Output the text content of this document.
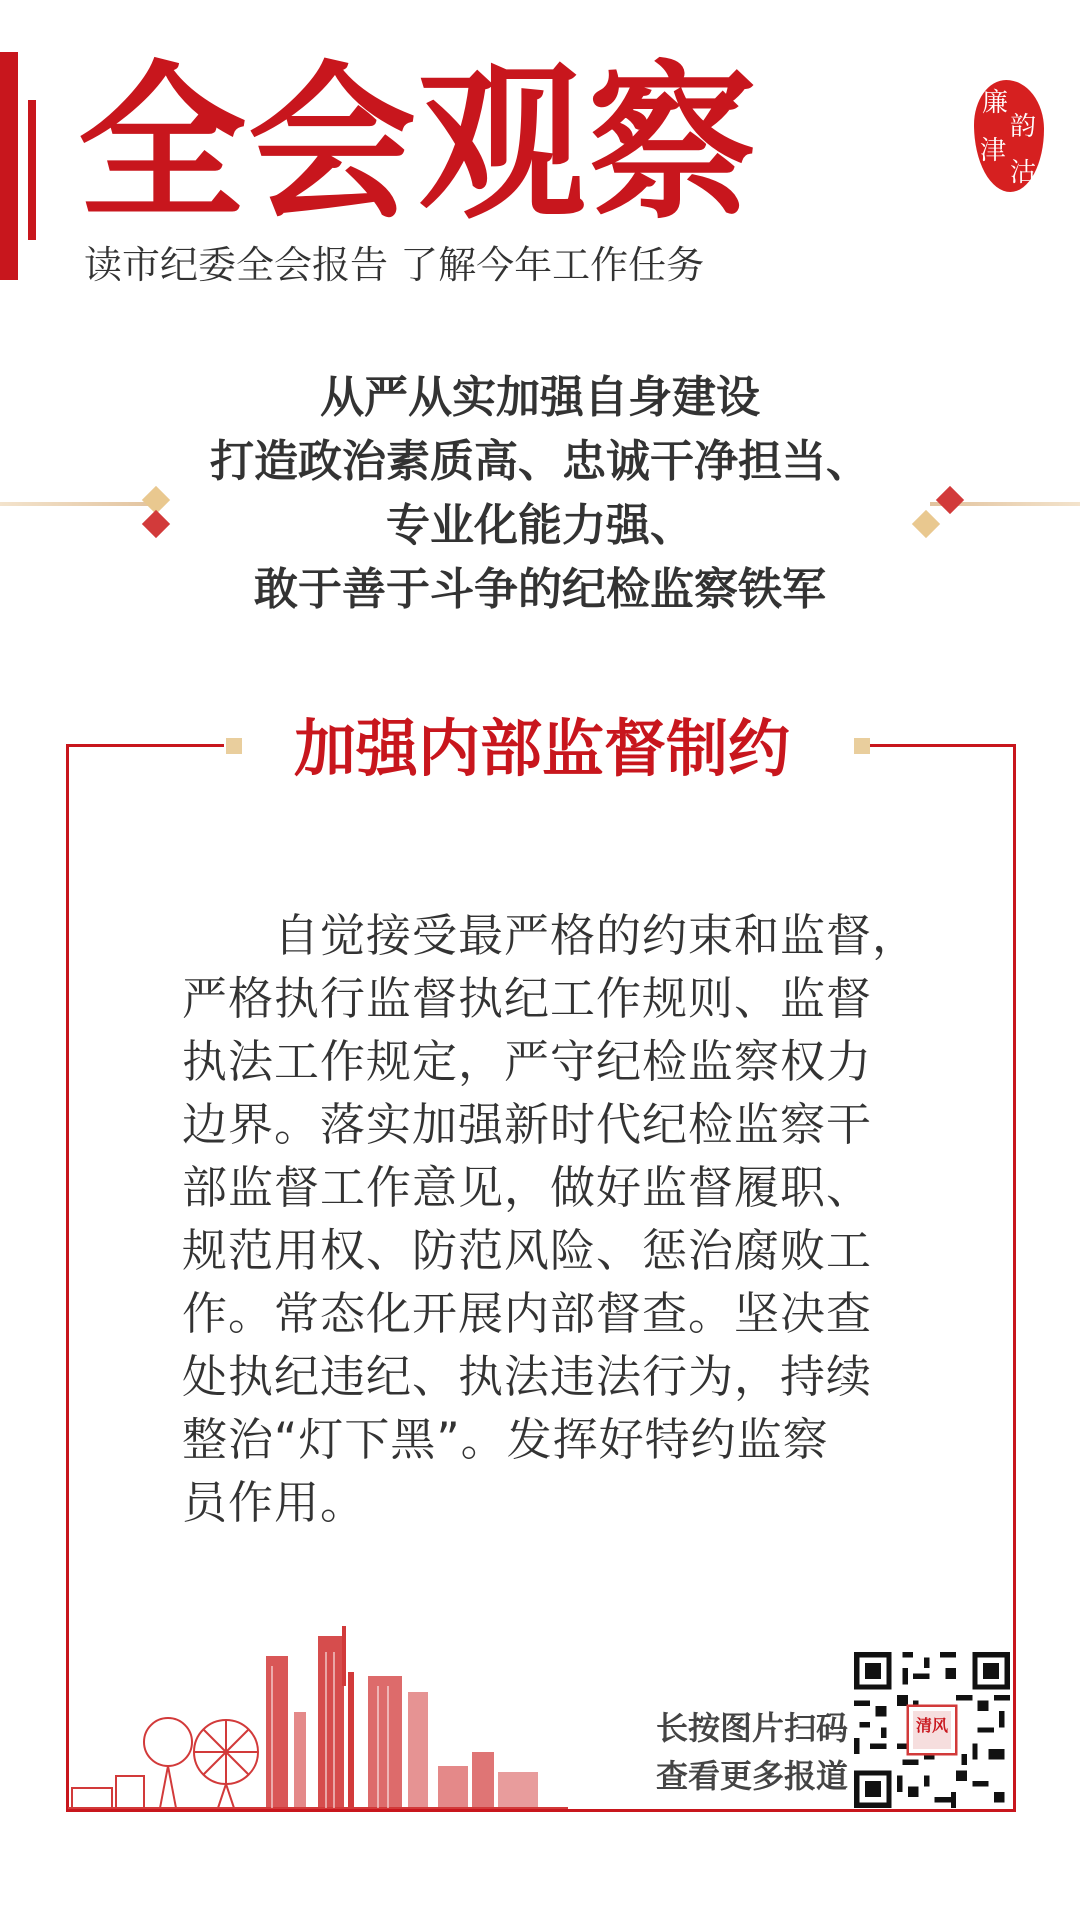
全会观察
读市纪委全会报告 了解今年工作任务
廉
韵
津
沽
从严从实加强自身建设
打造政治素质高、忠诚干净担当、
专业化能力强、
敢于善于斗争的纪检监察铁军
加强内部监督制约
　　自觉接受最严格的约束和监督，
严格执行监督执纪工作规则、监督
执法工作规定，严守纪检监察权力
边界。落实加强新时代纪检监察干
部监督工作意见，做好监督履职、
规范用权、防范风险、惩治腐败工
作。常态化开展内部督查。坚决查
处执纪违纪、执法违法行为，持续
整治“灯下黑”。发挥好特约监察
员作用。
长按图片扫码
查看更多报道
清风
